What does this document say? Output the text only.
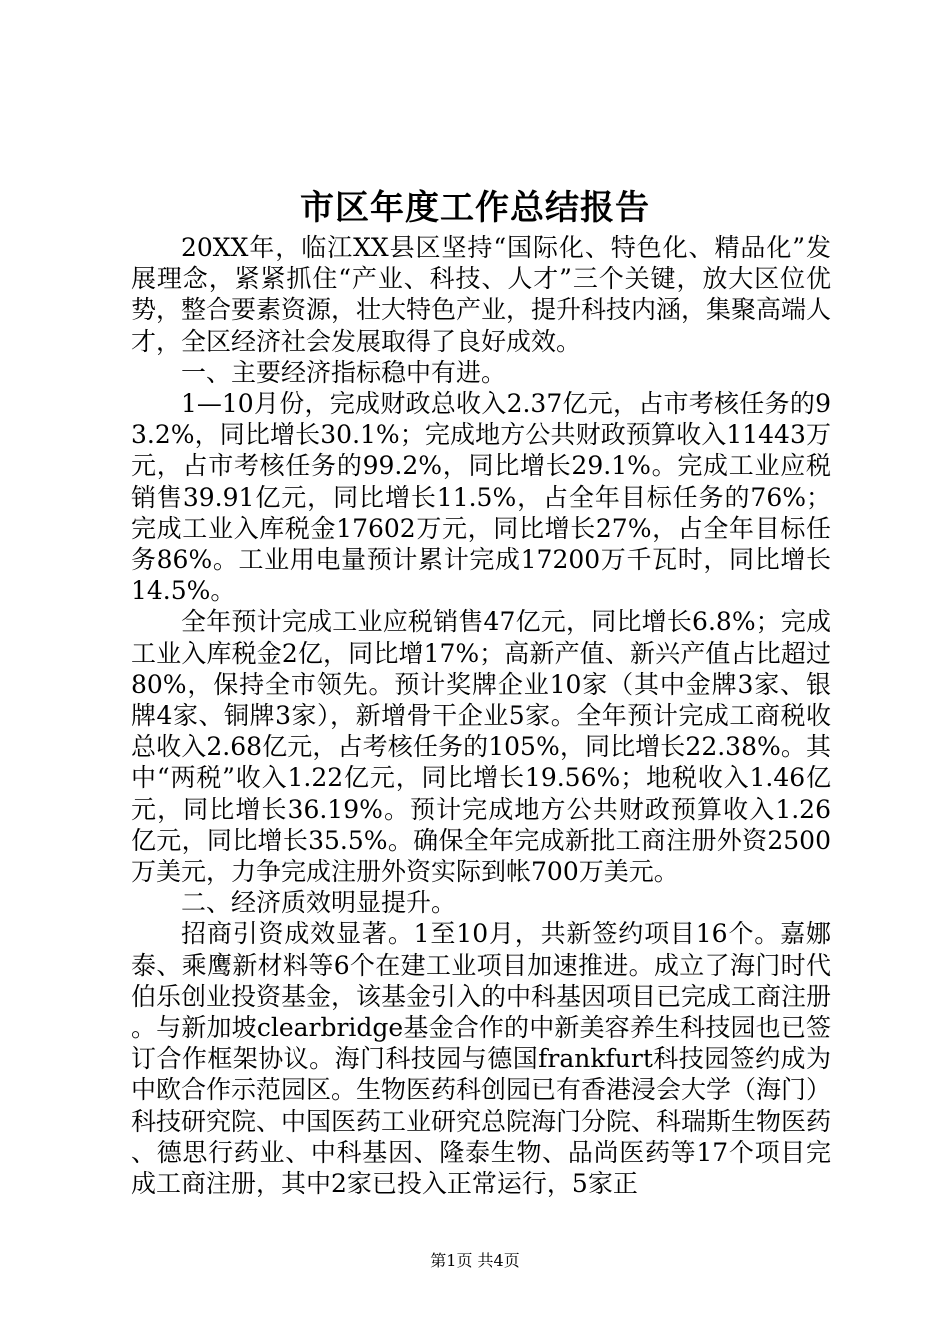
市区年度工作总结报告

20XX年，临江XX县区坚持“国际化、特色化、精品化”发展理念，紧紧抓住“产业、科技、人才”三个关键，放大区位优势，整合要素资源，壮大特色产业，提升科技内涵，集聚高端人才，全区经济社会发展取得了良好成效。

一、主要经济指标稳中有进。

1—10月份，完成财政总收入2.37亿元，占市考核任务的93.2%，同比增长30.1%；完成地方公共财政预算收入11443万元，占市考核任务的99.2%，同比增长29.1%。完成工业应税销售39.91亿元，同比增长11.5%，占全年目标任务的76%；完成工业入库税金17602万元，同比增长27%，占全年目标任务86%。工业用电量预计累计完成17200万千瓦时，同比增长14.5%。

全年预计完成工业应税销售47亿元，同比增长6.8%；完成工业入库税金2亿，同比增17%；高新产值、新兴产值占比超过80%，保持全市领先。预计奖牌企业10家（其中金牌3家、银牌4家、铜牌3家），新增骨干企业5家。全年预计完成工商税收总收入2.68亿元，占考核任务的105%，同比增长22.38%。其中“两税”收入1.22亿元，同比增长19.56%；地税收入1.46亿元，同比增长36.19%。预计完成地方公共财政预算收入1.26亿元，同比增长35.5%。确保全年完成新批工商注册外资2500万美元，力争完成注册外资实际到帐700万美元。

二、经济质效明显提升。

招商引资成效显著。1至10月，共新签约项目16个。嘉娜泰、乘鹰新材料等6个在建工业项目加速推进。成立了海门时代伯乐创业投资基金，该基金引入的中科基因项目已完成工商注册。与新加坡clearbridge基金合作的中新美容养生科技园也已签订合作框架协议。海门科技园与德国frankfurt科技园签约成为中欧合作示范园区。生物医药科创园已有香港浸会大学（海门）科技研究院、中国医药工业研究总院海门分院、科瑞斯生物医药、德思行药业、中科基因、隆泰生物、品尚医药等17个项目完成工商注册，其中2家已投入正常运行，5家正

第1页 共4页
